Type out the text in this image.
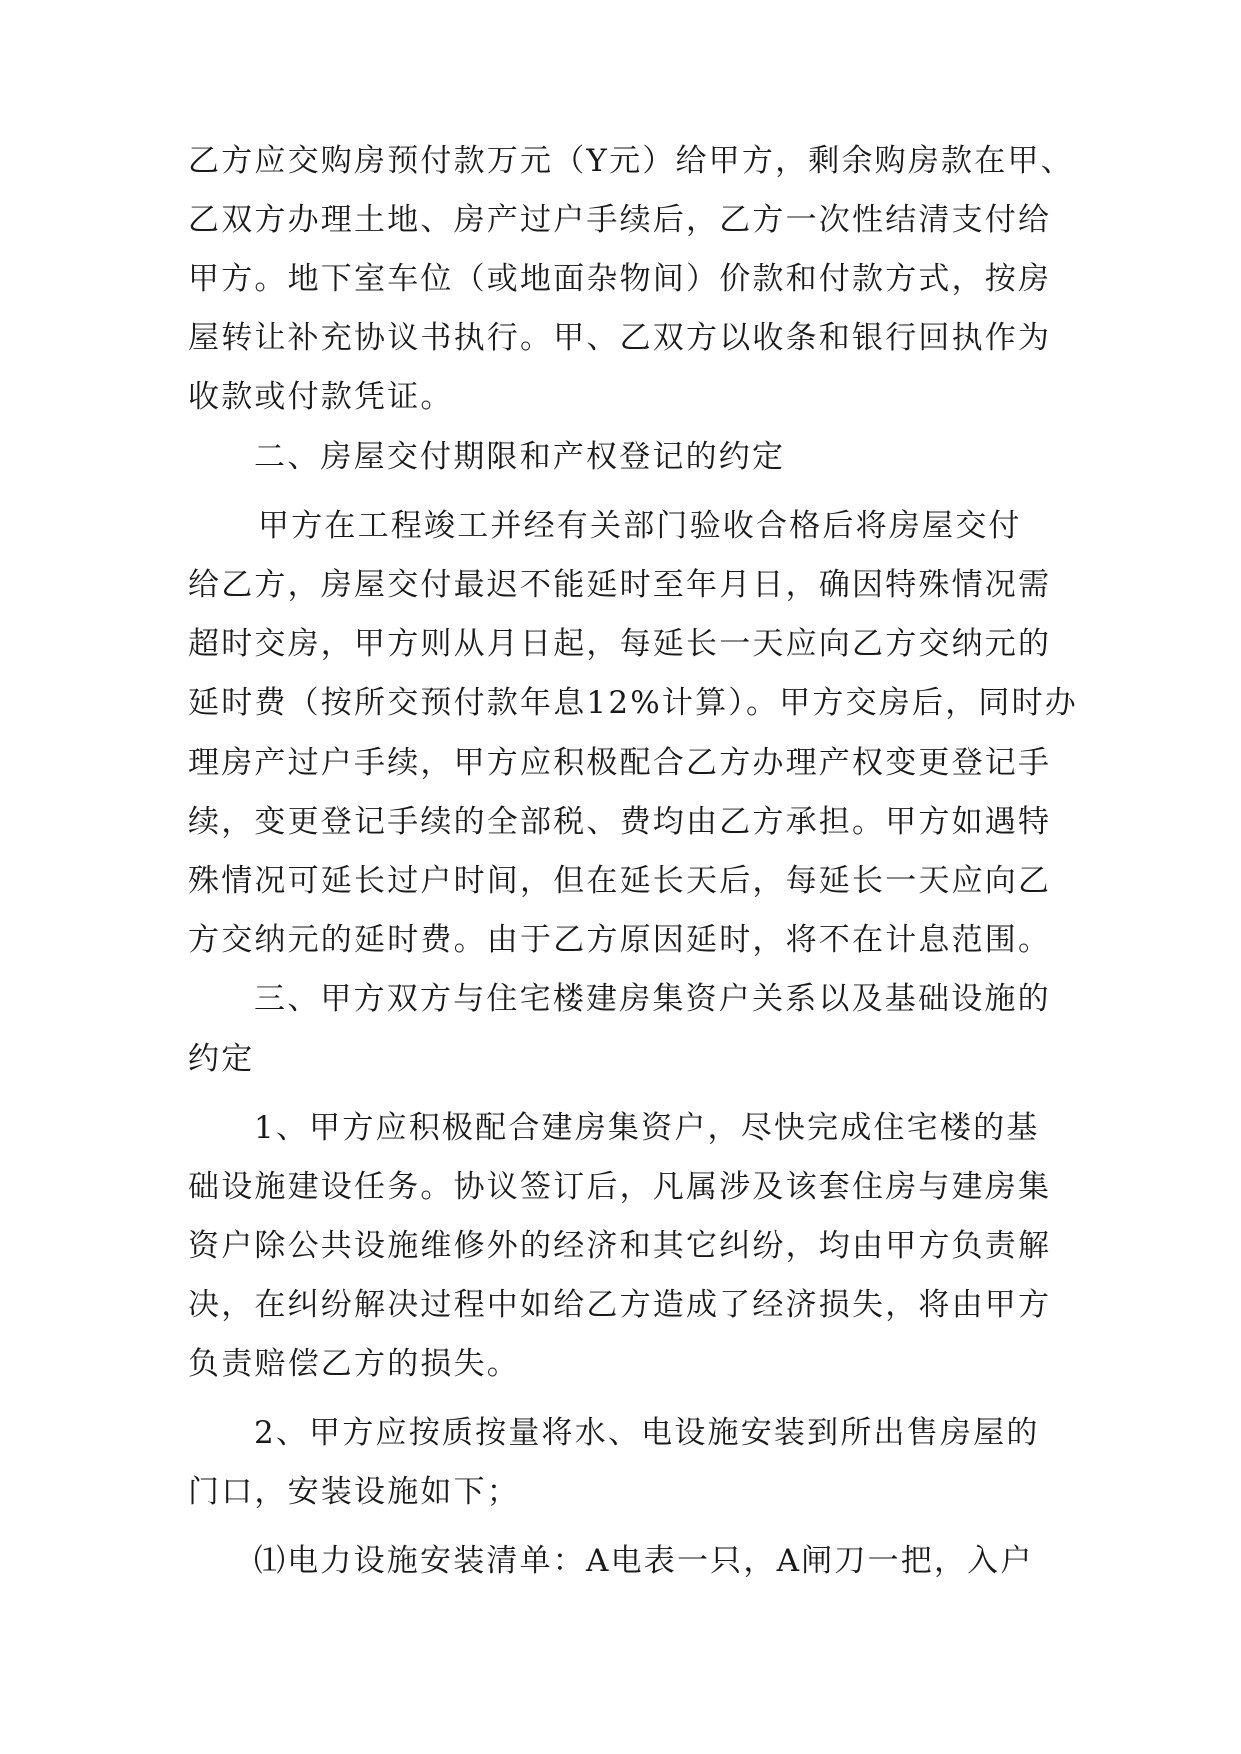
乙方应交购房预付款万元（Y元）给甲方，剩余购房款在甲、

乙双方办理土地、房产过户手续后，乙方一次性结清支付给

甲方。地下室车位（或地面杂物间）价款和付款方式，按房

屋转让补充协议书执行。甲、乙双方以收条和银行回执作为

收款或付款凭证。

二、房屋交付期限和产权登记的约定

甲方在工程竣工并经有关部门验收合格后将房屋交付

给乙方，房屋交付最迟不能延时至年月日，确因特殊情况需

超时交房，甲方则从月日起，每延长一天应向乙方交纳元的

延时费（按所交预付款年息12%计算）。甲方交房后，同时办

理房产过户手续，甲方应积极配合乙方办理产权变更登记手

续，变更登记手续的全部税、费均由乙方承担。甲方如遇特

殊情况可延长过户时间，但在延长天后，每延长一天应向乙

方交纳元的延时费。由于乙方原因延时，将不在计息范围。

三、甲方双方与住宅楼建房集资户关系以及基础设施的

约定

1、甲方应积极配合建房集资户，尽快完成住宅楼的基

础设施建设任务。协议签订后，凡属涉及该套住房与建房集

资户除公共设施维修外的经济和其它纠纷，均由甲方负责解

决，在纠纷解决过程中如给乙方造成了经济损失，将由甲方

负责赔偿乙方的损失。

2、甲方应按质按量将水、电设施安装到所出售房屋的

门口，安装设施如下；

⑴电力设施安装清单：A电表一只，A闸刀一把，入户
